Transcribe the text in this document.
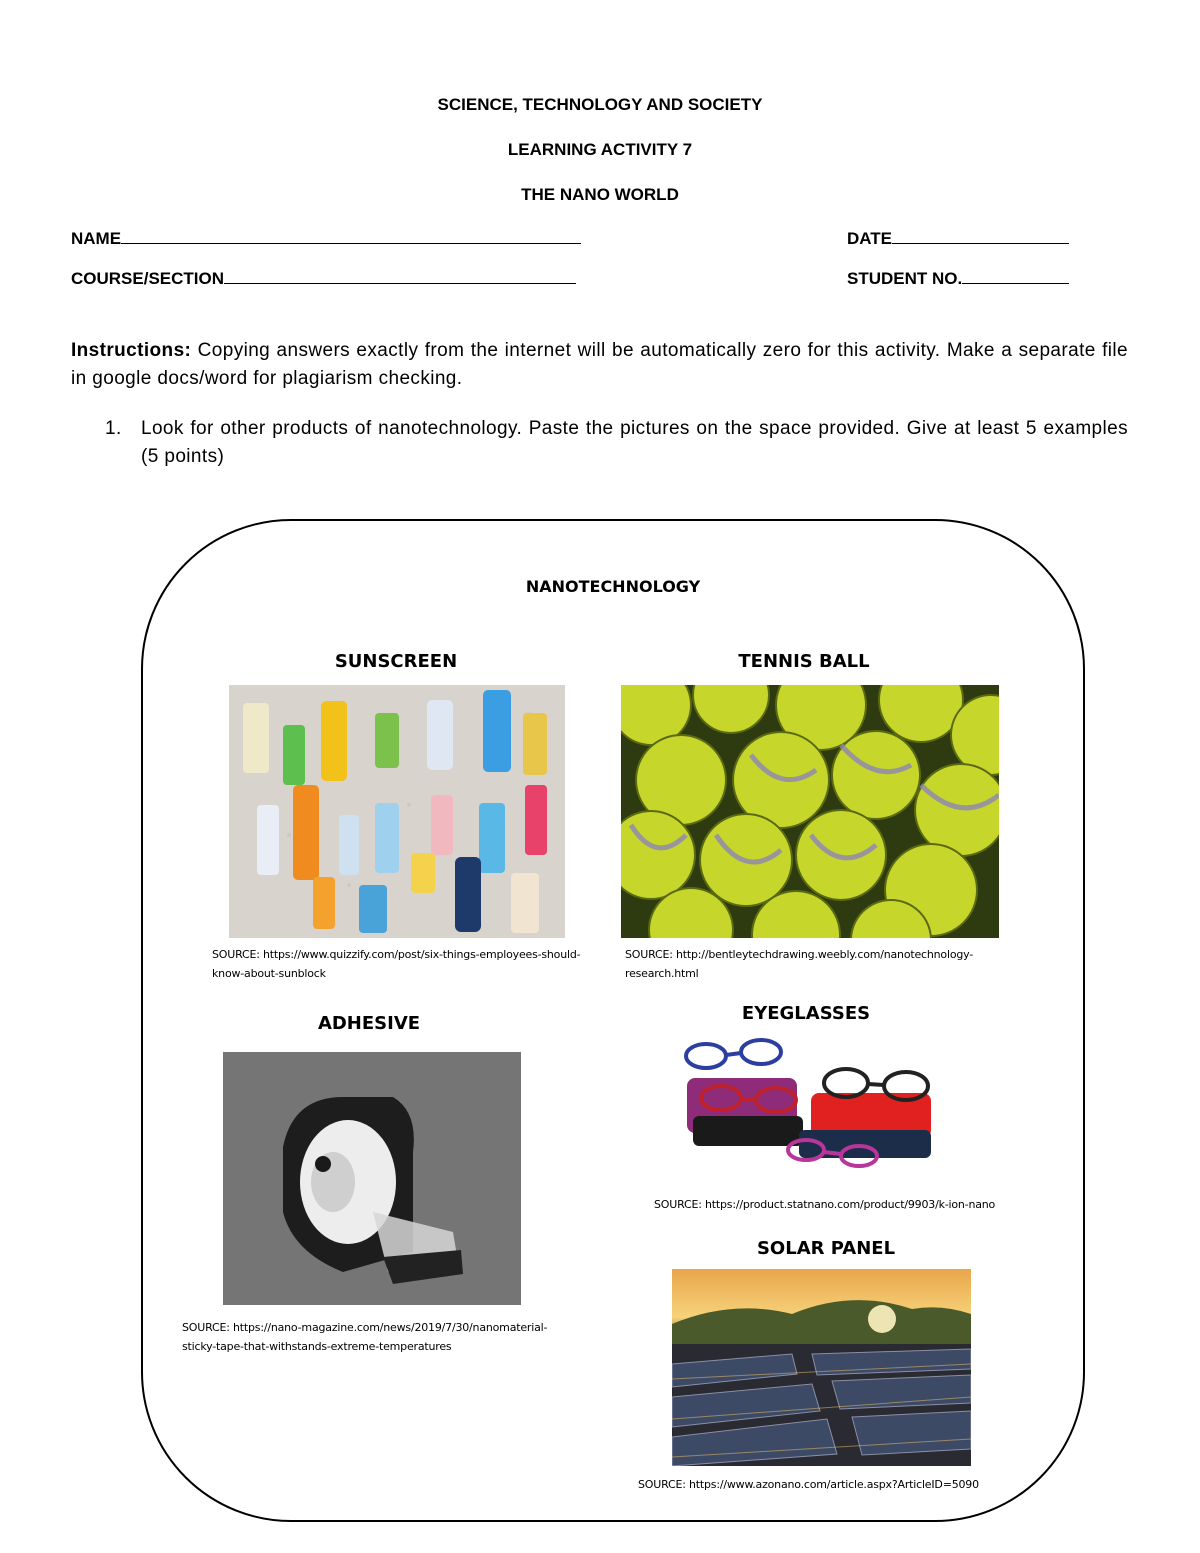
SCIENCE, TECHNOLOGY AND SOCIETY
LEARNING ACTIVITY 7
THE NANO WORLD
NAME	DATE
COURSE/SECTION	STUDENT NO.
Instructions: Copying answers exactly from the internet will be automatically zero for this activity. Make a separate file in google docs/word for plagiarism checking.
1. Look for other products of nanotechnology. Paste the pictures on the space provided. Give at least 5 examples (5 points)
NANOTECHNOLOGY
SUNSCREEN
SOURCE: https://www.quizzify.com/post/six-things-employees-should-know-about-sunblock
TENNIS BALL
SOURCE: http://bentleytechdrawing.weebly.com/nanotechnology-research.html
ADHESIVE
SOURCE: https://nano-magazine.com/news/2019/7/30/nanomaterial-sticky-tape-that-withstands-extreme-temperatures
EYEGLASSES
SOURCE: https://product.statnano.com/product/9903/k-ion-nano
SOLAR PANEL
SOURCE: https://www.azonano.com/article.aspx?ArticleID=5090
